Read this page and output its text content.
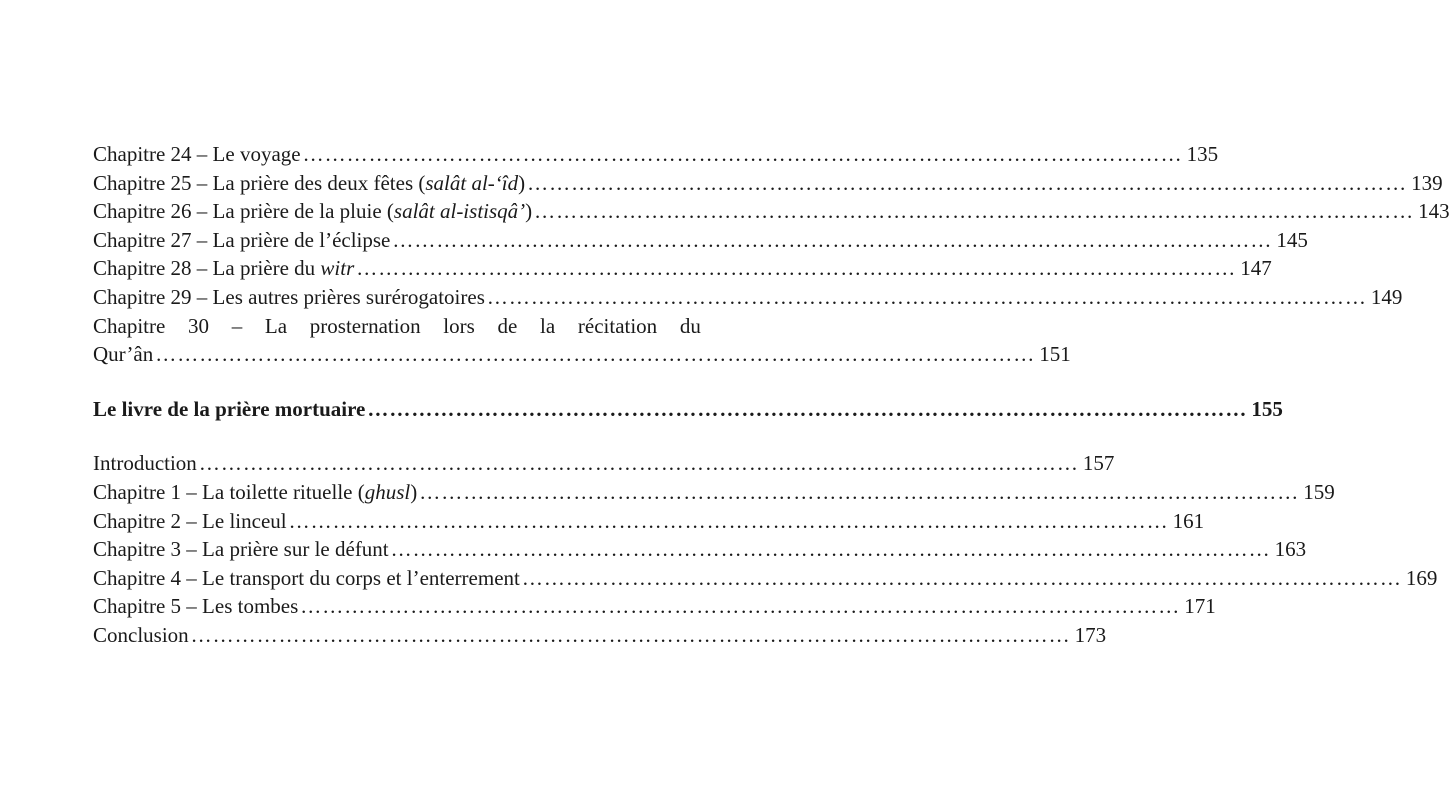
Chapitre 24 – Le voyage ………………………………………………………………………………………………………… 135
Chapitre 25 – La prière des deux fêtes (salât al-‘îd) ………………………………………………………………………………………………………… 139
Chapitre 26 – La prière de la pluie (salât al-istisqâ’) ………………………………………………………………………………………………………… 143
Chapitre 27 – La prière de l’éclipse ………………………………………………………………………………………………………… 145
Chapitre 28 – La prière du witr ………………………………………………………………………………………………………… 147
Chapitre 29 – Les autres prières surérogatoires ………………………………………………………………………………………………………… 149
Chapitre 30 – La prosternation lors de la récitation du
Qur’ân ………………………………………………………………………………………………………… 151
Le livre de la prière mortuaire ………………………………………………………………………………………………………… 155
Introduction ………………………………………………………………………………………………………… 157
Chapitre 1 – La toilette rituelle (ghusl) ………………………………………………………………………………………………………… 159
Chapitre 2 – Le linceul ………………………………………………………………………………………………………… 161
Chapitre 3 – La prière sur le défunt ………………………………………………………………………………………………………… 163
Chapitre 4 – Le transport du corps et l’enterrement ………………………………………………………………………………………………………… 169
Chapitre 5 – Les tombes ………………………………………………………………………………………………………… 171
Conclusion ………………………………………………………………………………………………………… 173
